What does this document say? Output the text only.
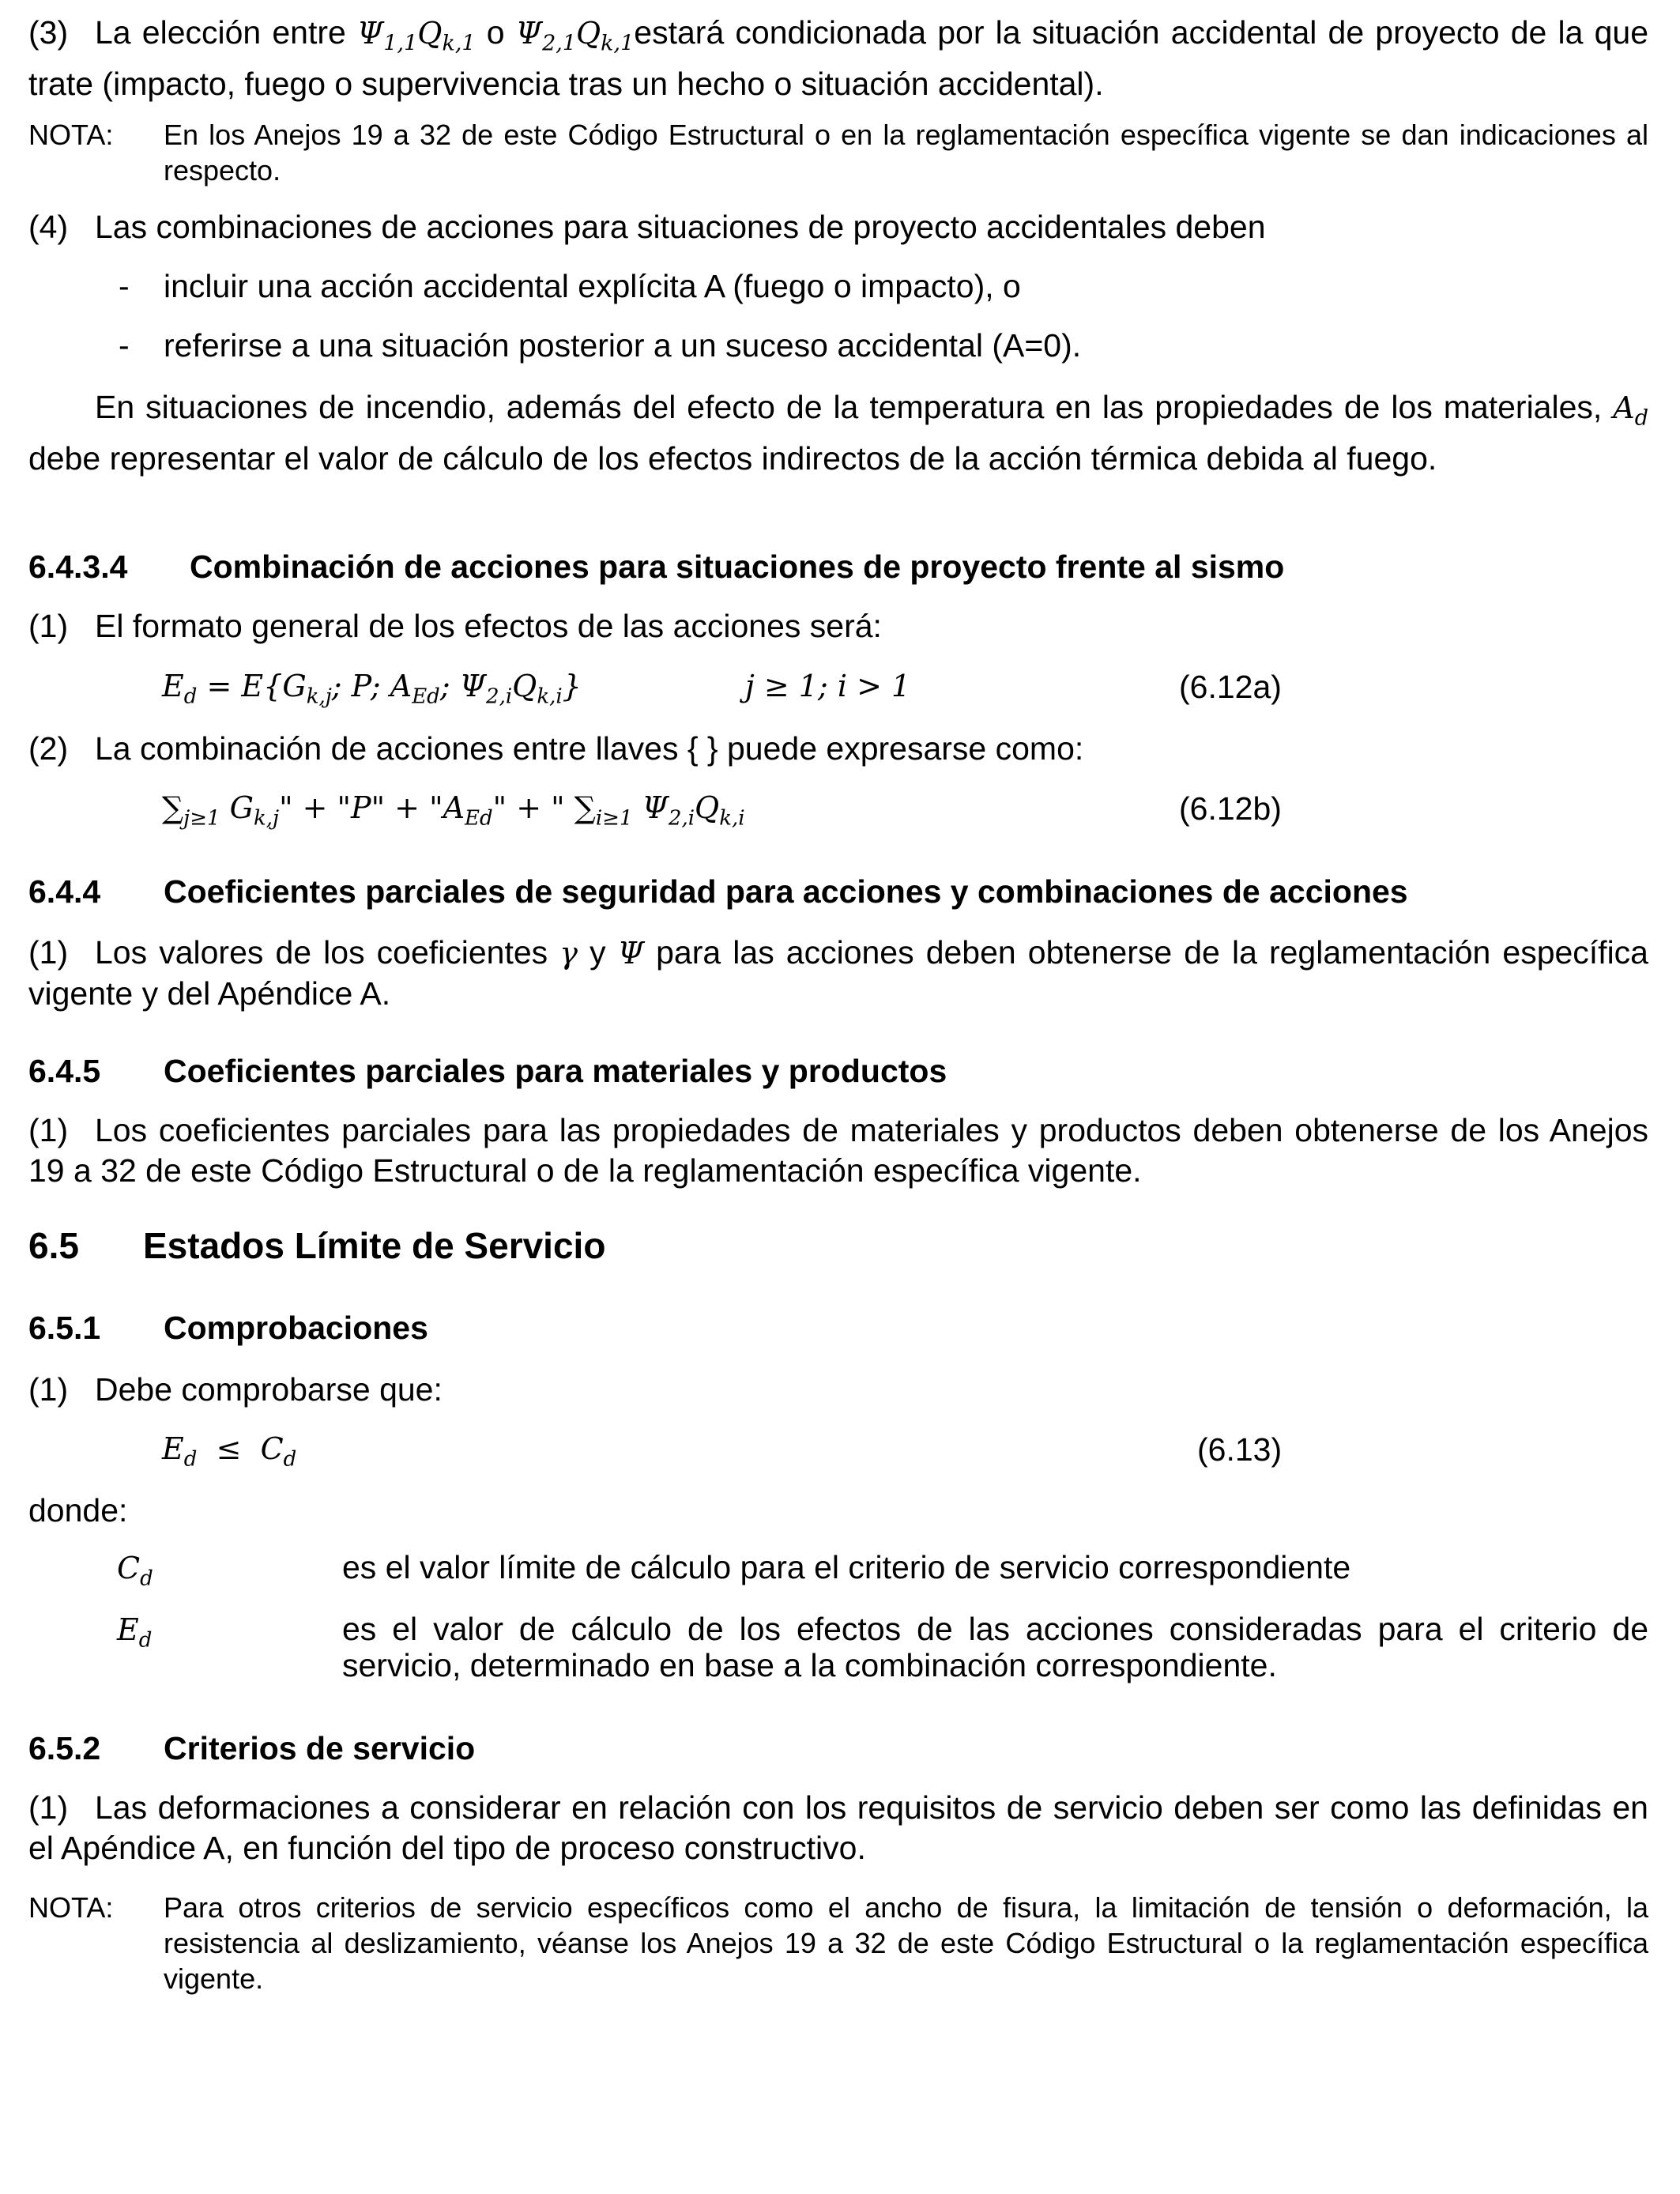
(3) La elección entre $\Psi_{1,1}Q_{k,1}$ o $\Psi_{2,1}Q_{k,1}estará$ condicionada por la situación accidental de proyecto de la que trate (impacto, fuego o supervivencia tras un hecho o situación accidental).

NOTA: En los Anejos 19 a 32 de este Código Estructural o en la reglamentación específica vigente se dan indicaciones al respecto.

(4) Las combinaciones de acciones para situaciones de proyecto accidentales deben

- incluir una acción accidental explícita A (fuego o impacto), o
- referirse a una situación posterior a un suceso accidental (A=0).

En situaciones de incendio, además del efecto de la temperatura en las propiedades de los materiales, $A_d$ debe representar el valor de cálculo de los efectos indirectos de la acción térmica debida al fuego.

6.4.3.4 Combinación de acciones para situaciones de proyecto frente al sismo

(1) El formato general de los efectos de las acciones será:

$E_d = E\{G_{k,j}$; P; $A_{Ed}$; $\Psi_{2,i}Q_{k,i}$}	j ≥ 1; i > 1	(6.12a)

(2) La combinación de acciones entre llaves { } puede expresarse como:

$\sum_{j\ge 1}$ $G_{k,j}$" + "P" + "$A_{Ed}$" + " $\sum_{i\ge 1}$ $\Psi_{2,i}Q_{k,i}$	(6.12b)
6.4.4 Coeficientes parciales de seguridad para acciones y combinaciones de acciones

(1) Los valores de los coeficientes γ y Ψ para las acciones deben obtenerse de la reglamentación específica vigente y del Apéndice A.

6.4.5 Coeficientes parciales para materiales y productos

(1) Los coeficientes parciales para las propiedades de materiales y productos deben obtenerse de los Anejos 19 a 32 de este Código Estructural o de la reglamentación específica vigente.

6.5 Estados Límite de Servicio
6.5.1 Comprobaciones

(1) Debe comprobarse que:

$E_d \le C_d$	(6.13)

donde:

$C_d$	es el valor límite de cálculo para el criterio de servicio correspondiente
$E_d$	es el valor de cálculo de los efectos de las acciones consideradas para el criterio de servicio, determinado en base a la combinación correspondiente.
6.5.2 Criterios de servicio

(1) Las deformaciones a considerar en relación con los requisitos de servicio deben ser como las definidas en el Apéndice A, en función del tipo de proceso constructivo.

NOTA: Para otros criterios de servicio específicos como el ancho de fisura, la limitación de tensión o deformación, la resistencia al deslizamiento, véanse los Anejos 19 a 32 de este Código Estructural o la reglamentación específica vigente.
